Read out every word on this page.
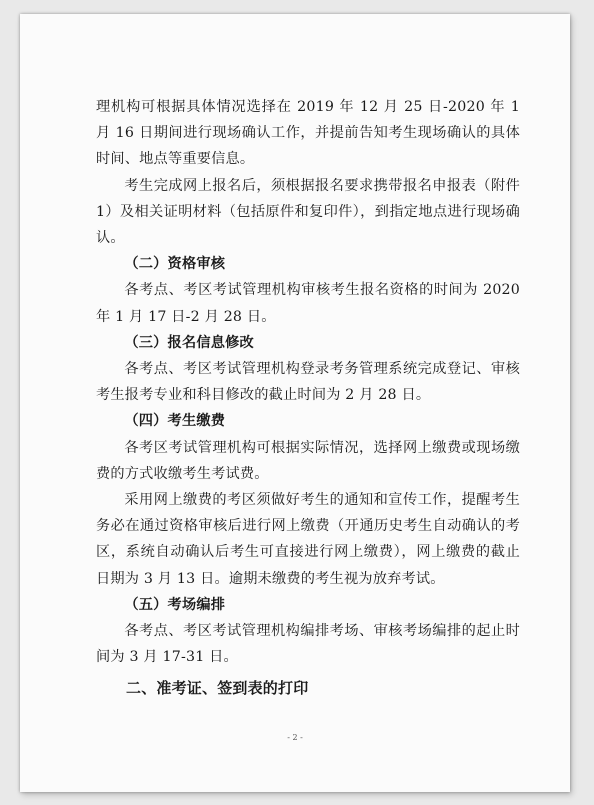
理机构可根据具体情况选择在 2019 年 12 月 25 日-2020 年 1 月 16 日期间进行现场确认工作，并提前告知考生现场确认的具体时间、地点等重要信息。

考生完成网上报名后，须根据报名要求携带报名申报表（附件 1）及相关证明材料（包括原件和复印件），到指定地点进行现场确认。

（二）资格审核

各考点、考区考试管理机构审核考生报名资格的时间为 2020 年 1 月 17 日-2 月 28 日。

（三）报名信息修改

各考点、考区考试管理机构登录考务管理系统完成登记、审核考生报考专业和科目修改的截止时间为 2 月 28 日。

（四）考生缴费

各考区考试管理机构可根据实际情况，选择网上缴费或现场缴费的方式收缴考生考试费。

采用网上缴费的考区须做好考生的通知和宣传工作，提醒考生务必在通过资格审核后进行网上缴费（开通历史考生自动确认的考区，系统自动确认后考生可直接进行网上缴费），网上缴费的截止日期为 3 月 13 日。逾期未缴费的考生视为放弃考试。

（五）考场编排

各考点、考区考试管理机构编排考场、审核考场编排的起止时间为 3 月 17-31 日。

二、准考证、签到表的打印

- 2 -
